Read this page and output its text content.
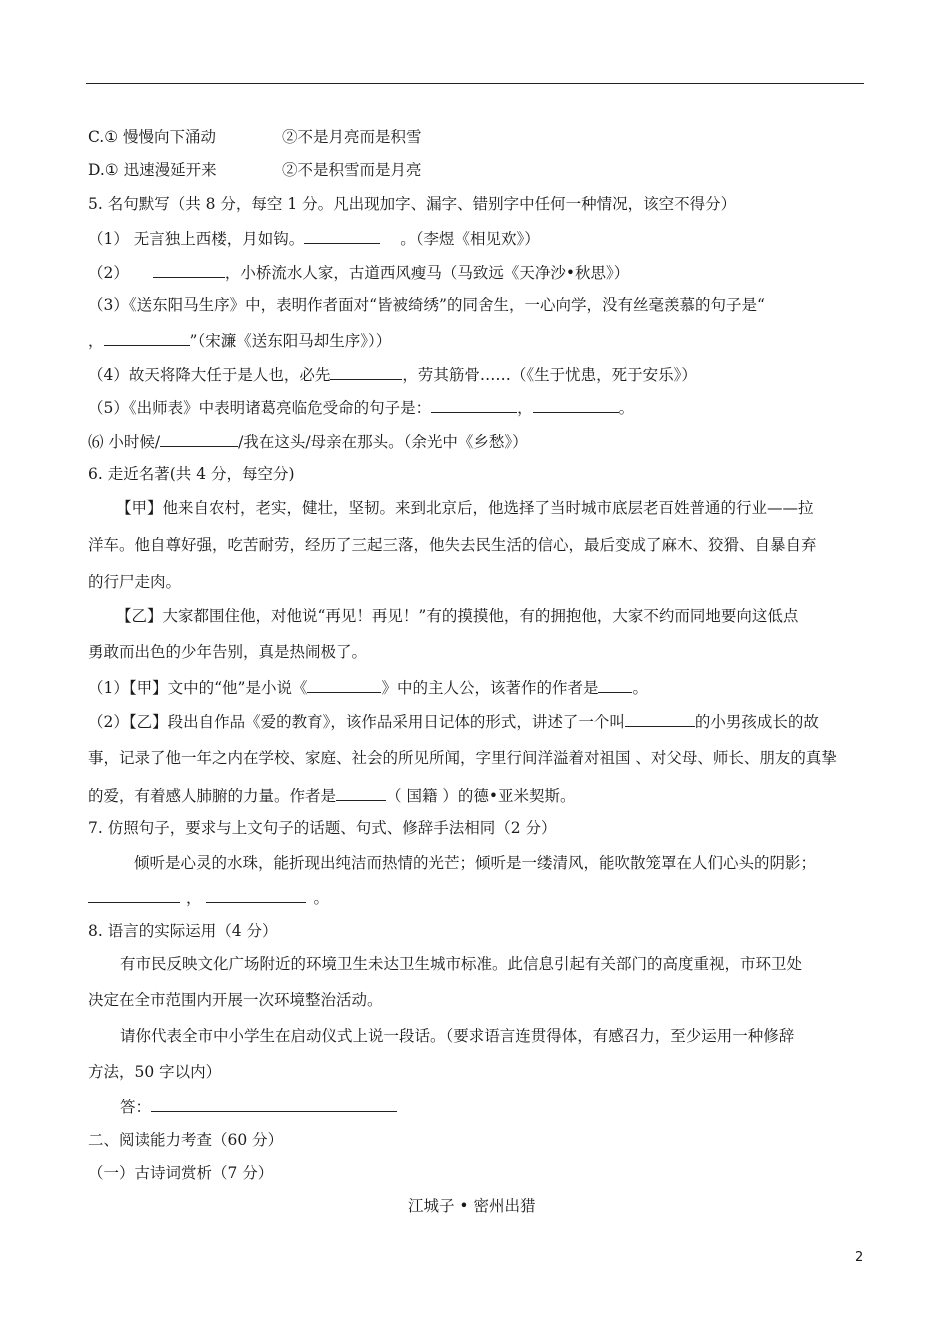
C.① 慢慢向下涌动	②不是月亮而是积雪
D.① 迅速漫延开来	②不是积雪而是月亮
5. 名句默写（共 8 分，每空 1 分。凡出现加字、漏字、错别字中任何一种情况，该空不得分）
（1） 无言独上西楼，月如钩。	。（李煜《相见欢》）
（2）	，小桥流水人家，古道西风瘦马（马致远《天净沙•秋思》）
（3）《送东阳马生序》中，表明作者面对“皆被绮绣”的同舍生，一心向学，没有丝毫羡慕的句子是“
，	”（宋濂《送东阳马却生序》））
（4）故天将降大任于是人也，必先	，劳其筋骨……（《生于忧患，死于安乐》）
（5）《出师表》中表明诸葛亮临危受命的句子是：	，	。
⑹ 小时候/	/我在这头/母亲在那头。（余光中《乡愁》）
6. 走近名著(共 4 分，每空分)
【甲】他来自农村，老实，健壮，坚韧。来到北京后，他选择了当时城市底层老百姓普通的行业——拉
洋车。他自尊好强，吃苦耐劳，经历了三起三落，他失去民生活的信心，最后变成了麻木、狡猾、自暴自弃
的行尸走肉。
【乙】大家都围住他，对他说“再见！再见！”有的摸摸他，有的拥抱他，大家不约而同地要向这低点
勇敢而出色的少年告别，真是热闹极了。
（1）【甲】文中的“他”是小说《	》中的主人公，该著作的作者是 。
（2）【乙】段出自作品《爱的教育》，该作品采用日记体的形式，讲述了一个叫	的小男孩成长的故
事，记录了他一年之内在学校、家庭、社会的所见所闻，字里行间洋溢着对祖国 、对父母、师长、朋友的真挚
的爱，有着感人肺腑的力量。作者是	（ 国籍 ）的德•亚米契斯。
7. 仿照句子，要求与上文句子的话题、句式、修辞手法相同（2 分）
倾听是心灵的水珠，能折现出纯洁而热情的光芒；倾听是一缕清风，能吹散笼罩在人们心头的阴影；
，	。
8. 语言的实际运用（4 分）
有市民反映文化广场附近的环境卫生未达卫生城市标准。此信息引起有关部门的高度重视，市环卫处
决定在全市范围内开展一次环境整治活动。
请你代表全市中小学生在启动仪式上说一段话。（要求语言连贯得体，有感召力，至少运用一种修辞
方法，50 字以内）
答：
二、阅读能力考查（60 分）
（一）古诗词赏析（7 分）
江城子 • 密州出猎
2
